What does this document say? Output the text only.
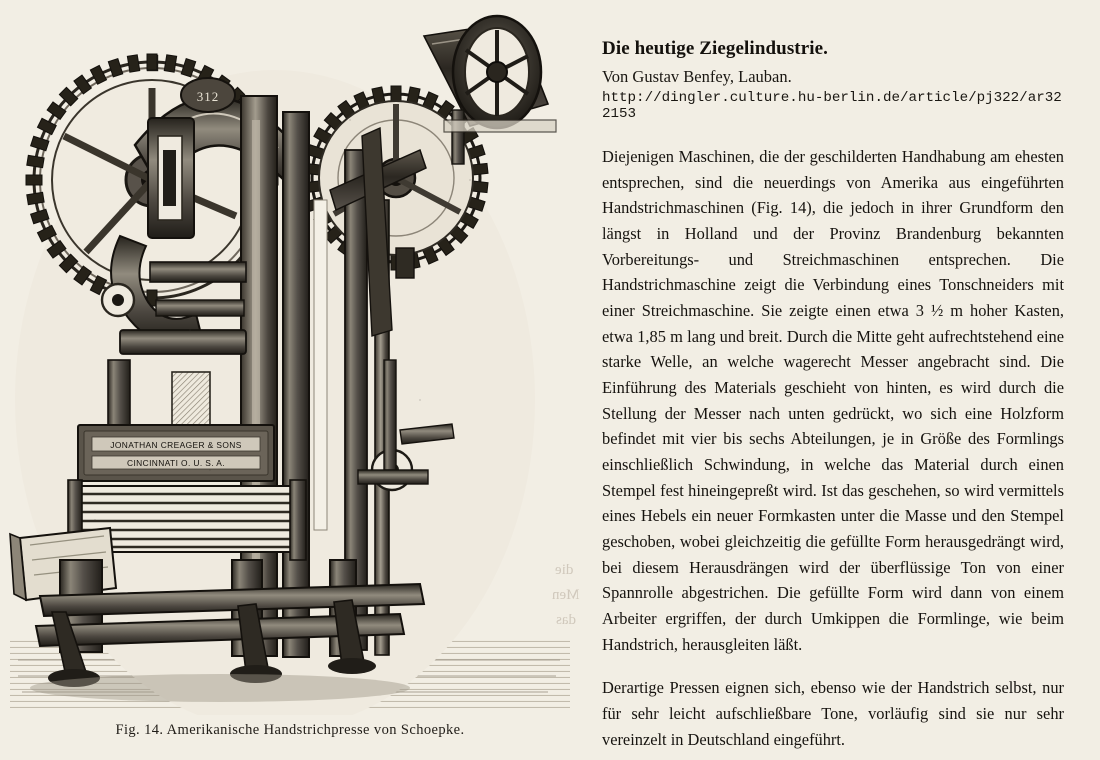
die
Men
das
312
JONATHAN CREAGER & SONS
CINCINNATI O. U. S. A.
Fig. 14. Amerikanische Handstrichpresse von Schoepke.
Die heutige Ziegelindustrie.
Von Gustav Benfey, Lauban.
http://dingler.culture.hu-berlin.de/article/pj322/ar322153

Diejenigen Maschinen, die der geschilderten Handhabung am ehesten entsprechen, sind die neuerdings von Amerika aus eingeführten Handstrichmaschinen (Fig. 14), die jedoch in ihrer Grundform den längst in Holland und der Provinz Brandenburg bekannten Vorbereitungs- und Streichmaschinen entsprechen. Die Handstrichmaschine zeigt die Verbindung eines Tonschneiders mit einer Streichmaschine. Sie zeigte einen etwa 3 ½ m hoher Kasten, etwa 1,85 m lang und breit. Durch die Mitte geht aufrechtstehend eine starke Welle, an welche wagerecht Messer angebracht sind. Die Einführung des Materials geschieht von hinten, es wird durch die Stellung der Messer nach unten gedrückt, wo sich eine Holzform befindet mit vier bis sechs Abteilungen, je in Größe des Formlings einschließlich Schwindung, in welche das Material durch einen Stempel fest hineingepreßt wird. Ist das geschehen, so wird vermittels eines Hebels ein neuer Formkasten unter die Masse und den Stempel geschoben, wobei gleichzeitig die gefüllte Form herausgedrängt wird, bei diesem Herausdrängen wird der überflüssige Ton von einer Spannrolle abgestrichen. Die gefüllte Form wird dann von einem Arbeiter ergriffen, der durch Umkippen die Formlinge, wie beim Handstrich, herausgleiten läßt.

Derartige Pressen eignen sich, ebenso wie der Handstrich selbst, nur für sehr leicht aufschließbare Tone, vorläufig sind sie nur sehr vereinzelt in Deutschland eingeführt.
